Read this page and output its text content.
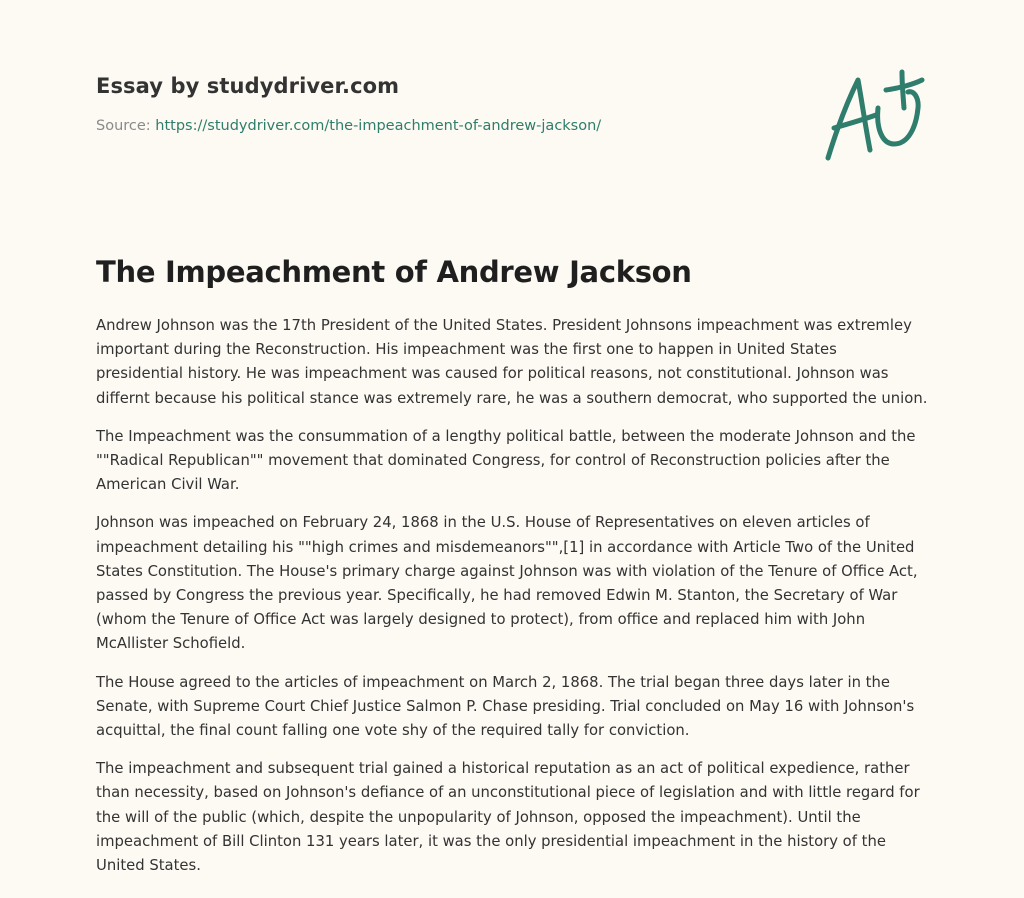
Essay by studydriver.com
Source: https://studydriver.com/the-impeachment-of-andrew-jackson/
The Impeachment of Andrew Jackson

Andrew Johnson was the 17th President of the United States. President Johnsons impeachment was extremley important during the Reconstruction. His impeachment was the first one to happen in United States presidential history. He was impeachment was caused for political reasons, not constitutional. Johnson was differnt because his political stance was extremely rare, he was a southern democrat, who supported the union.

The Impeachment was the consummation of a lengthy political battle, between the moderate Johnson and the ""Radical Republican"" movement that dominated Congress, for control of Reconstruction policies after the American Civil War.

Johnson was impeached on February 24, 1868 in the U.S. House of Representatives on eleven articles of impeachment detailing his ""high crimes and misdemeanors"",[1] in accordance with Article Two of the United States Constitution. The House's primary charge against Johnson was with violation of the Tenure of Office Act, passed by Congress the previous year. Specifically, he had removed Edwin M. Stanton, the Secretary of War (whom the Tenure of Office Act was largely designed to protect), from office and replaced him with John McAllister Schofield.

The House agreed to the articles of impeachment on March 2, 1868. The trial began three days later in the Senate, with Supreme Court Chief Justice Salmon P. Chase presiding. Trial concluded on May 16 with Johnson's acquittal, the final count falling one vote shy of the required tally for conviction.

The impeachment and subsequent trial gained a historical reputation as an act of political expedience, rather than necessity, based on Johnson's defiance of an unconstitutional piece of legislation and with little regard for the will of the public (which, despite the unpopularity of Johnson, opposed the impeachment). Until the impeachment of Bill Clinton 131 years later, it was the only presidential impeachment in the history of the United States.
